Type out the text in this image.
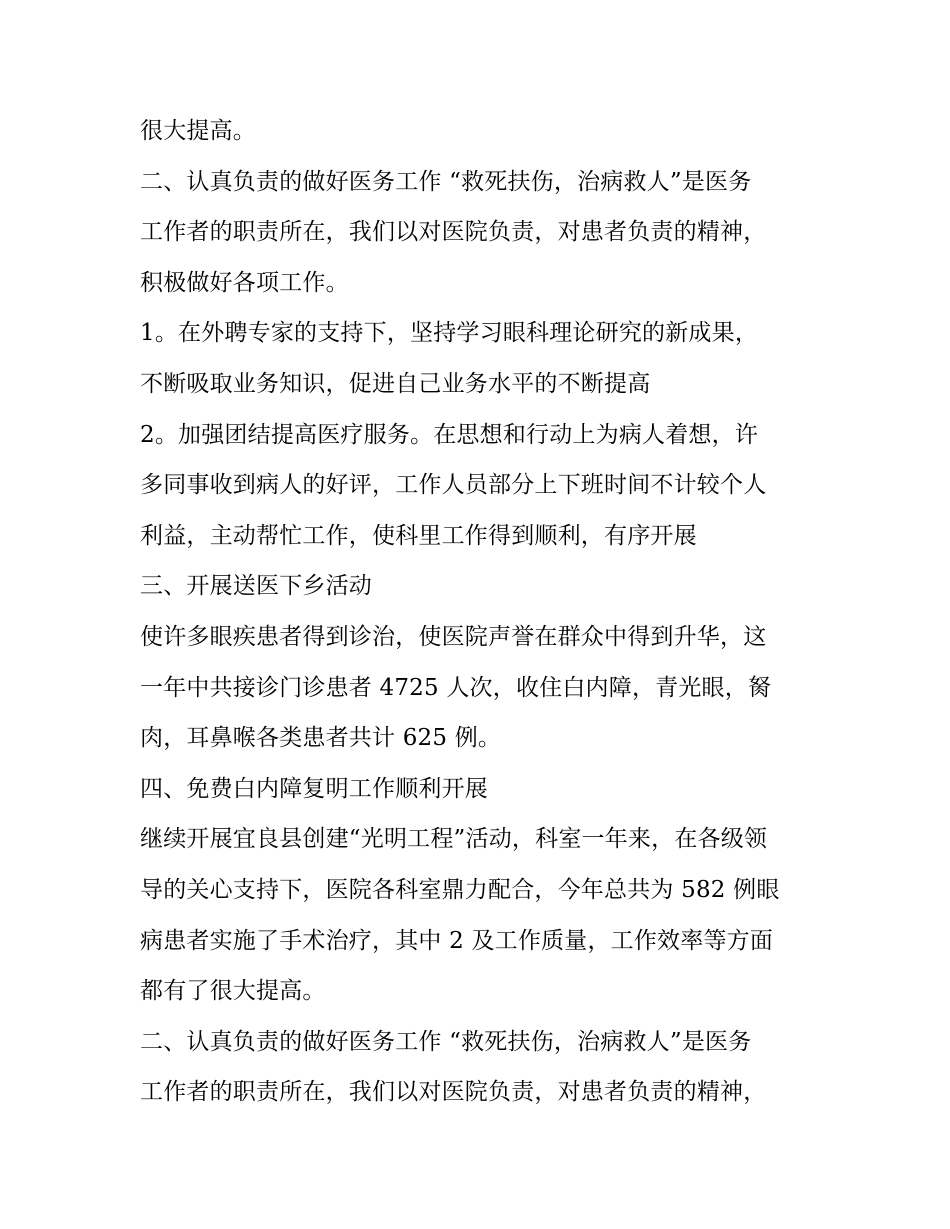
很大提高。
二、认真负责的做好医务工作 “救死扶伤，治病救人”是医务
工作者的职责所在，我们以对医院负责，对患者负责的精神，
积极做好各项工作。
1。在外聘专家的支持下，坚持学习眼科理论研究的新成果，
不断吸取业务知识，促进自己业务水平的不断提高
2。加强团结提高医疗服务。在思想和行动上为病人着想，许
多同事收到病人的好评，工作人员部分上下班时间不计较个人
利益，主动帮忙工作，使科里工作得到顺利，有序开展
三、开展送医下乡活动
使许多眼疾患者得到诊治，使医院声誉在群众中得到升华，这
一年中共接诊门诊患者 4725 人次，收住白内障，青光眼，胬
肉，耳鼻喉各类患者共计 625 例。
四、免费白内障复明工作顺利开展
继续开展宜良县创建“光明工程”活动，科室一年来，在各级领
导的关心支持下，医院各科室鼎力配合，今年总共为 582 例眼
病患者实施了手术治疗，其中 2 及工作质量，工作效率等方面
都有了很大提高。
二、认真负责的做好医务工作 “救死扶伤，治病救人”是医务
工作者的职责所在，我们以对医院负责，对患者负责的精神，
